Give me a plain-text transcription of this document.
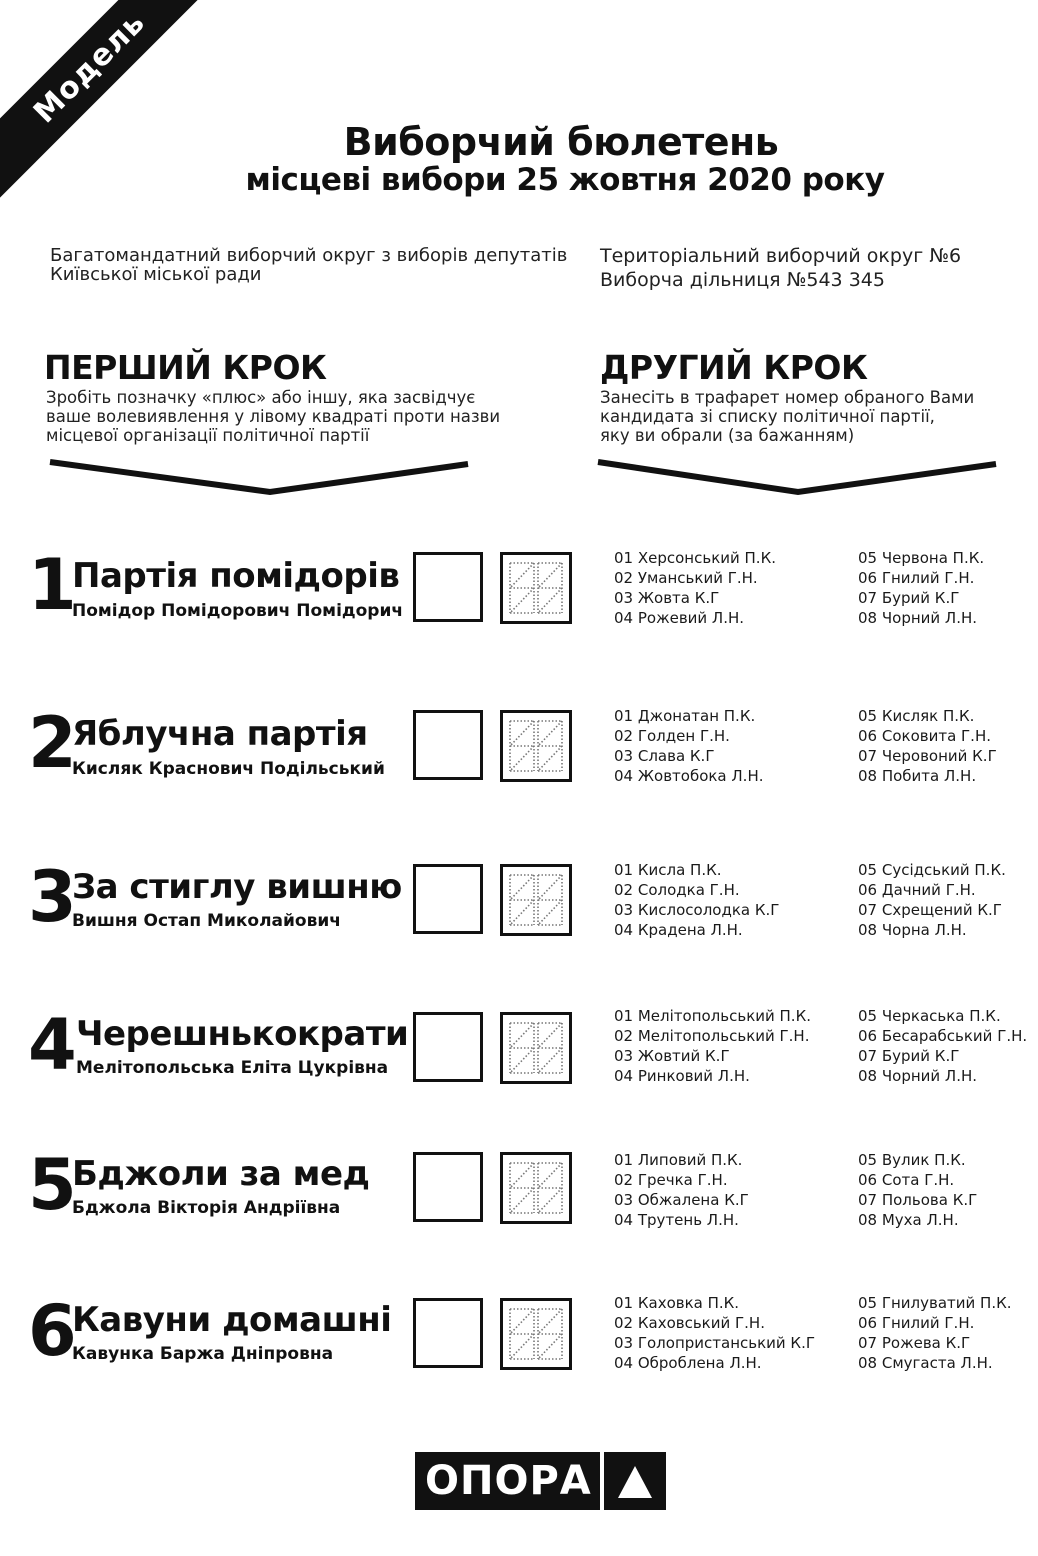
Модель
Виборчий бюлетень
місцеві вибори 25 жовтня 2020 року
Багатомандатний виборчий округ з виборів депутатів
Київської міської ради
Територіальний виборчий округ №6
Виборча дільниця №543 345
ПЕРШИЙ КРОК
Зробіть позначку «плюс» або іншу, яка засвідчує
ваше волевиявлення у лівому квадраті проти назви
місцевої організації політичної партії
ДРУГИЙ КРОК
Занесіть в трафарет номер обраного Вами
кандидата зі списку політичної партії,
яку ви обрали (за бажанням)
1
Партія помідорів
Помідор Помідорович Помідорич
01 Херсонський П.К.
02 Уманський Г.Н.
03 Жовта К.Г
04 Рожевий Л.Н.
05 Червона П.К.
06 Гнилий Г.Н.
07 Бурий К.Г
08 Чорний Л.Н.
2
Яблучна партія
Кисляк Краснович Подільський
01 Джонатан П.К.
02 Голден Г.Н.
03 Слава К.Г
04 Жовтобока Л.Н.
05 Кисляк П.К.
06 Соковита Г.Н.
07 Черовоний К.Г
08 Побита Л.Н.
3
За стиглу вишню
Вишня Остап Миколайович
01 Кисла П.К.
02 Солодка Г.Н.
03 Кислосолодка К.Г
04 Крадена Л.Н.
05 Сусідський П.К.
06 Дачний Г.Н.
07 Схрещений К.Г
08 Чорна Л.Н.
4 Черешнькократи
Мелітопольська Еліта Цукрівна
01 Мелітопольський П.К.
02 Мелітопольський Г.Н.
03 Жовтий К.Г
04 Ринковий Л.Н.
05 Черкаська П.К.
06 Бесарабський Г.Н.
07 Бурий К.Г
08 Чорний Л.Н.
5
Бджоли за мед
Бджола Вікторія Андріївна
01 Липовий П.К.
02 Гречка Г.Н.
03 Обжалена К.Г
04 Трутень Л.Н.
05 Вулик П.К.
06 Сота Г.Н.
07 Польова К.Г
08 Муха Л.Н.
6
Кавуни домашні
Кавунка Баржа Дніпровна
01 Каховка П.К.
02 Каховський Г.Н.
03 Голопристанський К.Г
04 Оброблена Л.Н.
05 Гнилуватий П.К.
06 Гнилий Г.Н.
07 Рожева К.Г
08 Смугаста Л.Н.
ОПОРА
